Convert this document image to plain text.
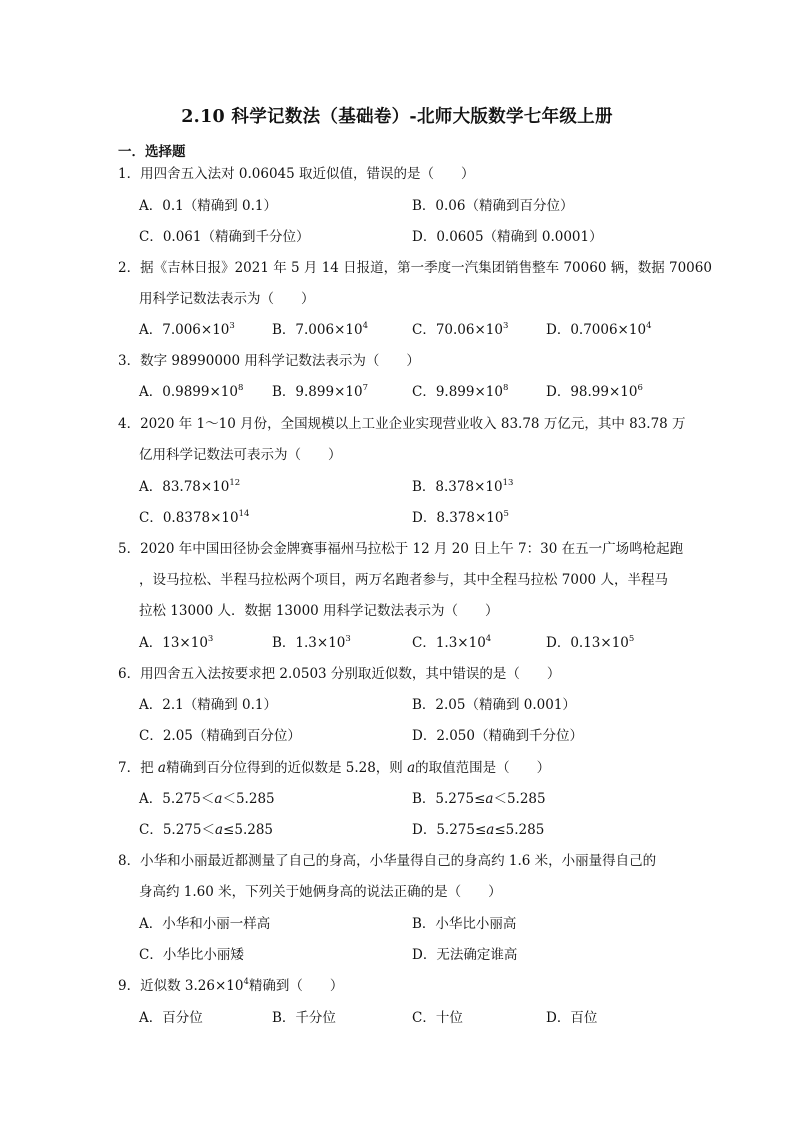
2.10 科学记数法（基础卷）-北师大版数学七年级上册
一．选择题
1．用四舍五入法对 0.06045 取近似值，错误的是（　　）
A．0.1（精确到 0.1）	B．0.06（精确到百分位）
C．0.061（精确到千分位）	D．0.0605（精确到 0.0001）
2．据《吉林日报》2021 年 5 月 14 日报道，第一季度一汽集团销售整车 70060 辆，数据 70060
用科学记数法表示为（　　）
A．$7.006\times 10^3$	B．$7.006\times 10^4$	C．$70.06\times 10^3$	D．$0.7006\times 10^4$
3．数字 98990000 用科学记数法表示为（　　）
A．$0.9899\times 10^8$ B．$9.899\times 10^7$	C．$9.899\times 10^8$	D．$98.99\times 10^6$
4．2020 年 1～10 月份，全国规模以上工业企业实现营业收入 83.78 万亿元，其中 83.78 万
亿用科学记数法可表示为（　　）
A．$83.78\times 10^{12}$	B．$8.378\times 10^{13}$
C．$0.8378\times 10^{14}$	D．$8.378\times 10^5$
5．2020 年中国田径协会金牌赛事福州马拉松于 12 月 20 日上午 7：30 在五一广场鸣枪起跑
，设马拉松、半程马拉松两个项目，两万名跑者参与，其中全程马拉松 7000 人，半程马
拉松 13000 人．数据 13000 用科学记数法表示为（　　）
A．$13\times 10^3$	B．$1.3\times 10^3$	C．$1.3\times 10^4$	D．$0.13\times 10^5$
6．用四舍五入法按要求把 2.0503 分别取近似数，其中错误的是（　　）
A．2.1（精确到 0.1）	B．2.05（精确到 0.001）
C．2.05（精确到百分位）	D．2.050（精确到千分位）
7．把 a精确到百分位得到的近似数是 5.28，则 a的取值范围是（　　）
A．5.275＜a＜5.285	B．5.275≤a＜5.285
C．5.275＜a≤5.285	D．5.275≤a≤5.285
8．小华和小丽最近都测量了自己的身高，小华量得自己的身高约 1.6 米，小丽量得自己的
身高约 1.60 米，下列关于她俩身高的说法正确的是（　　）
A．小华和小丽一样高	B．小华比小丽高
C．小华比小丽矮	D．无法确定谁高
9．近似数 $3.26\times 10^4$精确到（　　）
A．百分位	B．千分位	C．十位	D．百位
